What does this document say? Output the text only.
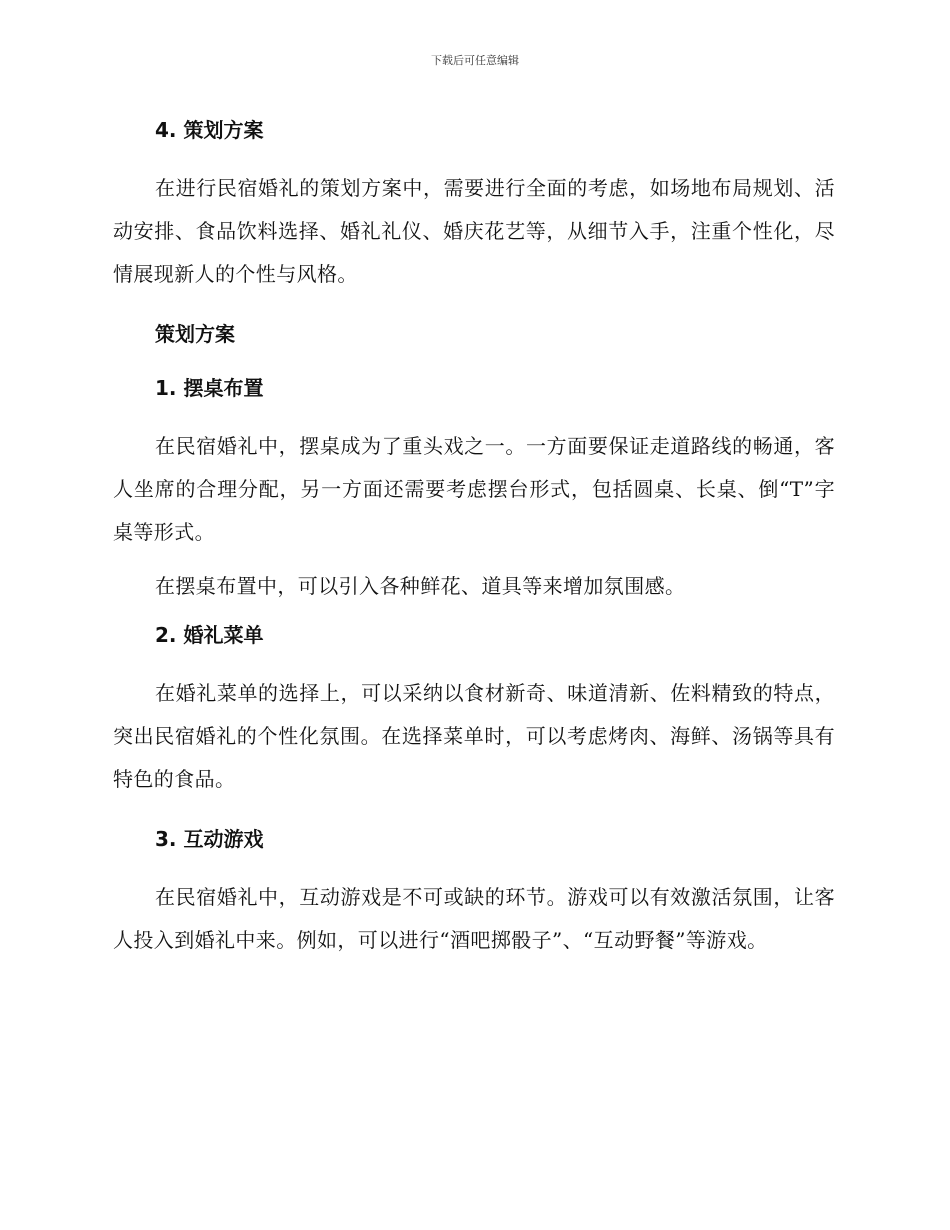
下载后可任意编辑

4. 策划方案

在进行民宿婚礼的策划方案中，需要进行全面的考虑，如场地布局规划、活动安排、食品饮料选择、婚礼礼仪、婚庆花艺等，从细节入手，注重个性化，尽情展现新人的个性与风格。

策划方案

1. 摆桌布置

在民宿婚礼中，摆桌成为了重头戏之一。一方面要保证走道路线的畅通，客人坐席的合理分配，另一方面还需要考虑摆台形式，包括圆桌、长桌、倒“T”字桌等形式。

在摆桌布置中，可以引入各种鲜花、道具等来增加氛围感。

2. 婚礼菜单

在婚礼菜单的选择上，可以采纳以食材新奇、味道清新、佐料精致的特点，突出民宿婚礼的个性化氛围。在选择菜单时，可以考虑烤肉、海鲜、汤锅等具有特色的食品。

3. 互动游戏

在民宿婚礼中，互动游戏是不可或缺的环节。游戏可以有效激活氛围，让客人投入到婚礼中来。例如，可以进行“酒吧掷骰子”、“互动野餐”等游戏。
